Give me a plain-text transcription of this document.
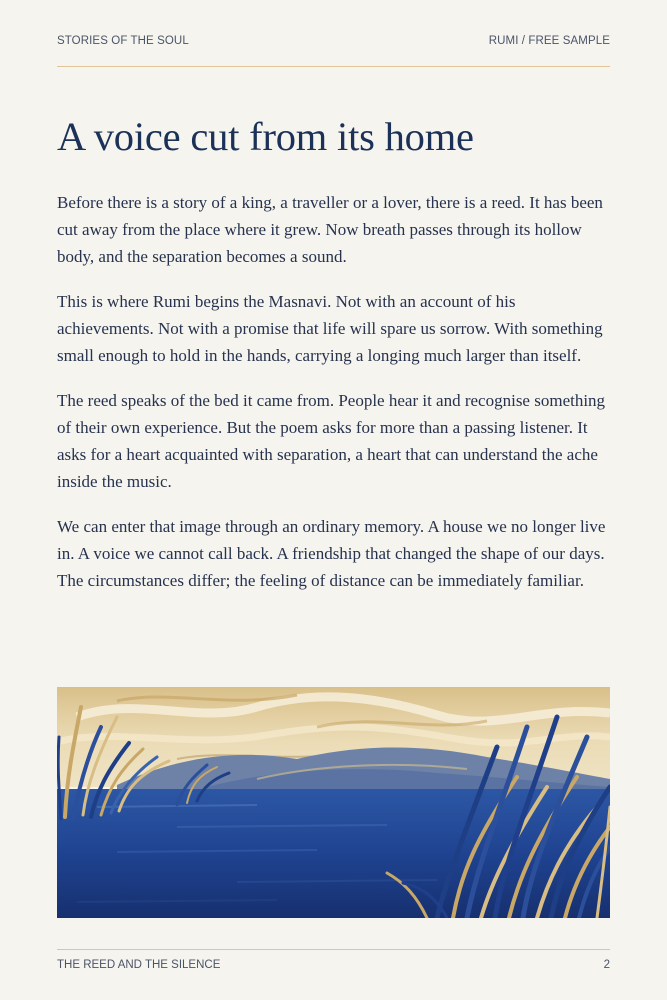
STORIES OF THE SOUL	RUMI / FREE SAMPLE
A voice cut from its home

Before there is a story of a king, a traveller or a lover, there is a reed. It has been cut away from the place where it grew. Now breath passes through its hollow body, and the separation becomes a sound.

This is where Rumi begins the Masnavi. Not with an account of his achievements. Not with a promise that life will spare us sorrow. With something small enough to hold in the hands, carrying a longing much larger than itself.

The reed speaks of the bed it came from. People hear it and recognise something of their own experience. But the poem asks for more than a passing listener. It asks for a heart acquainted with separation, a heart that can understand the ache inside the music.

We can enter that image through an ordinary memory. A house we no longer live in. A voice we cannot call back. A friendship that changed the shape of our days. The circumstances differ; the feeling of distance can be immediately familiar.

THE REED AND THE SILENCE	2
